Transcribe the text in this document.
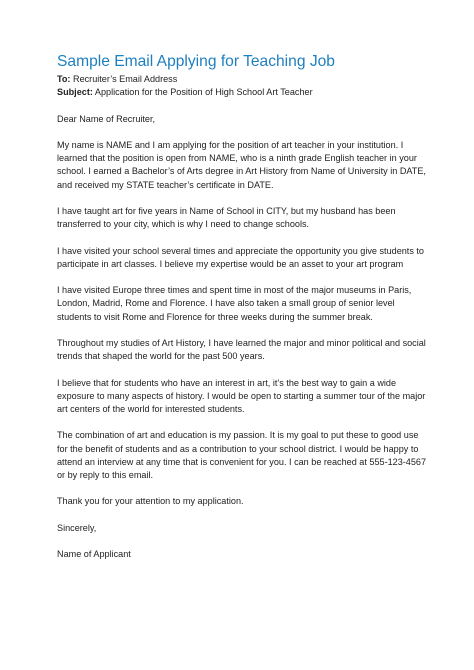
Sample Email Applying for Teaching Job
To: Recruiter’s Email Address
Subject: Application for the Position of High School Art Teacher

Dear Name of Recruiter,

My name is NAME and I am applying for the position of art teacher in your institution. I
learned that the position is open from NAME, who is a ninth grade English teacher in your
school. I earned a Bachelor’s of Arts degree in Art History from Name of University in DATE,
and received my STATE teacher’s certificate in DATE.

I have taught art for five years in Name of School in CITY, but my husband has been
transferred to your city, which is why I need to change schools.

I have visited your school several times and appreciate the opportunity you give students to
participate in art classes. I believe my expertise would be an asset to your art program

I have visited Europe three times and spent time in most of the major museums in Paris,
London, Madrid, Rome and Florence. I have also taken a small group of senior level
students to visit Rome and Florence for three weeks during the summer break.

Throughout my studies of Art History, I have learned the major and minor political and social
trends that shaped the world for the past 500 years.

I believe that for students who have an interest in art, it’s the best way to gain a wide
exposure to many aspects of history. I would be open to starting a summer tour of the major
art centers of the world for interested students.

The combination of art and education is my passion. It is my goal to put these to good use
for the benefit of students and as a contribution to your school district. I would be happy to
attend an interview at any time that is convenient for you. I can be reached at 555-123-4567
or by reply to this email.

Thank you for your attention to my application.

Sincerely,

Name of Applicant
